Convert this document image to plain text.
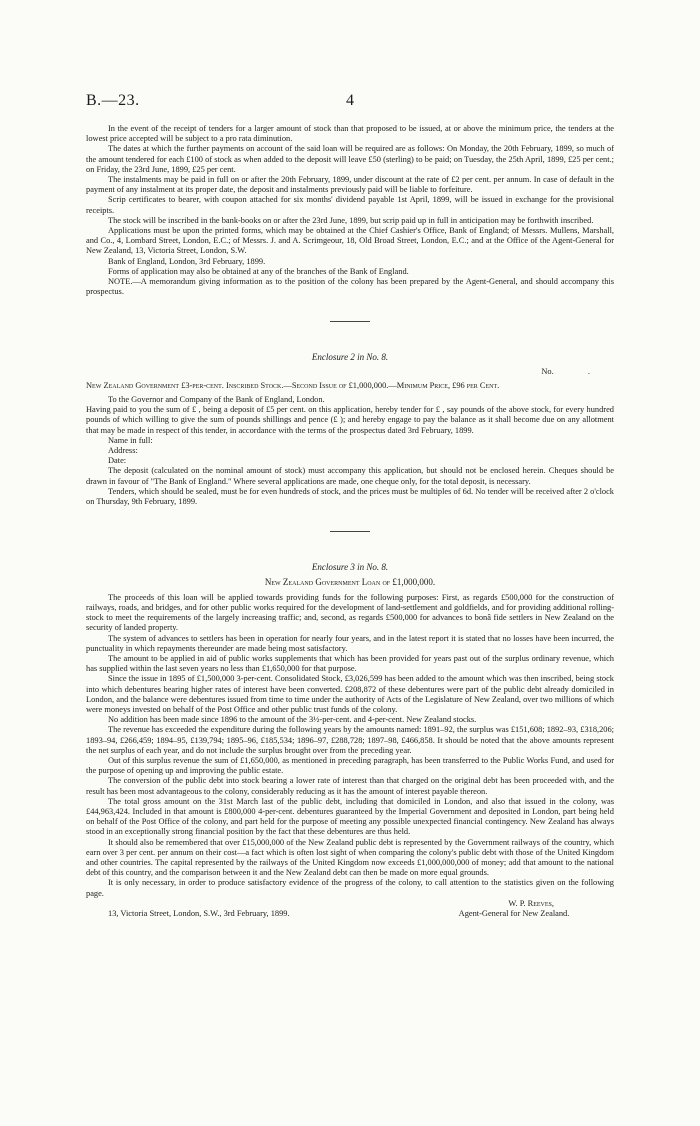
B.—23.	4

In the event of the receipt of tenders for a larger amount of stock than that proposed to be issued, at or above the minimum price, the tenders at the lowest price accepted will be subject to a pro rata diminution.

The dates at which the further payments on account of the said loan will be required are as follows: On Monday, the 20th February, 1899, so much of the amount tendered for each £100 of stock as when added to the deposit will leave £50 (sterling) to be paid; on Tuesday, the 25th April, 1899, £25 per cent.; on Friday, the 23rd June, 1899, £25 per cent.

The instalments may be paid in full on or after the 20th February, 1899, under discount at the rate of £2 per cent. per annum. In case of default in the payment of any instalment at its proper date, the deposit and instalments previously paid will be liable to forfeiture.

Scrip certificates to bearer, with coupon attached for six months' dividend payable 1st April, 1899, will be issued in exchange for the provisional receipts.

The stock will be inscribed in the bank-books on or after the 23rd June, 1899, but scrip paid up in full in anticipation may be forthwith inscribed.

Applications must be upon the printed forms, which may be obtained at the Chief Cashier's Office, Bank of England; of Messrs. Mullens, Marshall, and Co., 4, Lombard Street, London, E.C.; of Messrs. J. and A. Scrimgeour, 18, Old Broad Street, London, E.C.; and at the Office of the Agent-General for New Zealand, 13, Victoria Street, London, S.W.

Bank of England, London, 3rd February, 1899.

Forms of application may also be obtained at any of the branches of the Bank of England.

NOTE.—A memorandum giving information as to the position of the colony has been prepared by the Agent-General, and should accompany this prospectus.

Enclosure 2 in No. 8.

No.	.

New Zealand Government £3-per-cent. Inscribed Stock.—Second Issue of £1,000,000.—Minimum Price, £96 per Cent.

To the Governor and Company of the Bank of England, London.

Having paid to you the sum of £ , being a deposit of £5 per cent. on this application, hereby tender for £ , say pounds of the above stock, for every hundred pounds of which willing to give the sum of pounds shillings and pence (£ ); and hereby engage to pay the balance as it shall become due on any allotment that may be made in respect of this tender, in accordance with the terms of the prospectus dated 3rd February, 1899.

Name in full:

Address:

Date:

The deposit (calculated on the nominal amount of stock) must accompany this application, but should not be enclosed herein. Cheques should be drawn in favour of "The Bank of England." Where several applications are made, one cheque only, for the total deposit, is necessary.

Tenders, which should be sealed, must be for even hundreds of stock, and the prices must be multiples of 6d. No tender will be received after 2 o'clock on Thursday, 9th February, 1899.

Enclosure 3 in No. 8.

New Zealand Government Loan of £1,000,000.

The proceeds of this loan will be applied towards providing funds for the following purposes: First, as regards £500,000 for the construction of railways, roads, and bridges, and for other public works required for the development of land-settlement and goldfields, and for providing additional rolling-stock to meet the requirements of the largely increasing traffic; and, second, as regards £500,000 for advances to bonâ fide settlers in New Zealand on the security of landed property.

The system of advances to settlers has been in operation for nearly four years, and in the latest report it is stated that no losses have been incurred, the punctuality in which repayments thereunder are made being most satisfactory.

The amount to be applied in aid of public works supplements that which has been provided for years past out of the surplus ordinary revenue, which has supplied within the last seven years no less than £1,650,000 for that purpose.

Since the issue in 1895 of £1,500,000 3-per-cent. Consolidated Stock, £3,026,599 has been added to the amount which was then inscribed, being stock into which debentures bearing higher rates of interest have been converted. £208,872 of these debentures were part of the public debt already domiciled in London, and the balance were debentures issued from time to time under the authority of Acts of the Legislature of New Zealand, over two millions of which were moneys invested on behalf of the Post Office and other public trust funds of the colony.

No addition has been made since 1896 to the amount of the 3½-per-cent. and 4-per-cent. New Zealand stocks.

The revenue has exceeded the expenditure during the following years by the amounts named: 1891–92, the surplus was £151,608; 1892–93, £318,206; 1893–94, £266,459; 1894–95, £139,794; 1895–96, £185,534; 1896–97, £288,728; 1897–98, £466,858. It should be noted that the above amounts represent the net surplus of each year, and do not include the surplus brought over from the preceding year.

Out of this surplus revenue the sum of £1,650,000, as mentioned in preceding paragraph, has been transferred to the Public Works Fund, and used for the purpose of opening up and improving the public estate.

The conversion of the public debt into stock bearing a lower rate of interest than that charged on the original debt has been proceeded with, and the result has been most advantageous to the colony, considerably reducing as it has the amount of interest payable thereon.

The total gross amount on the 31st March last of the public debt, including that domiciled in London, and also that issued in the colony, was £44,963,424. Included in that amount is £800,000 4-per-cent. debentures guaranteed by the Imperial Government and deposited in London, part being held on behalf of the Post Office of the colony, and part held for the purpose of meeting any possible unexpected financial contingency. New Zealand has always stood in an exceptionally strong financial position by the fact that these debentures are thus held.

It should also be remembered that over £15,000,000 of the New Zealand public debt is represented by the Government railways of the country, which earn over 3 per cent. per annum on their cost—a fact which is often lost sight of when comparing the colony's public debt with those of the United Kingdom and other countries. The capital represented by the railways of the United Kingdom now exceeds £1,000,000,000 of money; add that amount to the national debt of this country, and the comparison between it and the New Zealand debt can then be made on more equal grounds.

It is only necessary, in order to produce satisfactory evidence of the progress of the colony, to call attention to the statistics given on the following page.

W. P. Reeves,

13, Victoria Street, London, S.W., 3rd February, 1899.	Agent-General for New Zealand.
